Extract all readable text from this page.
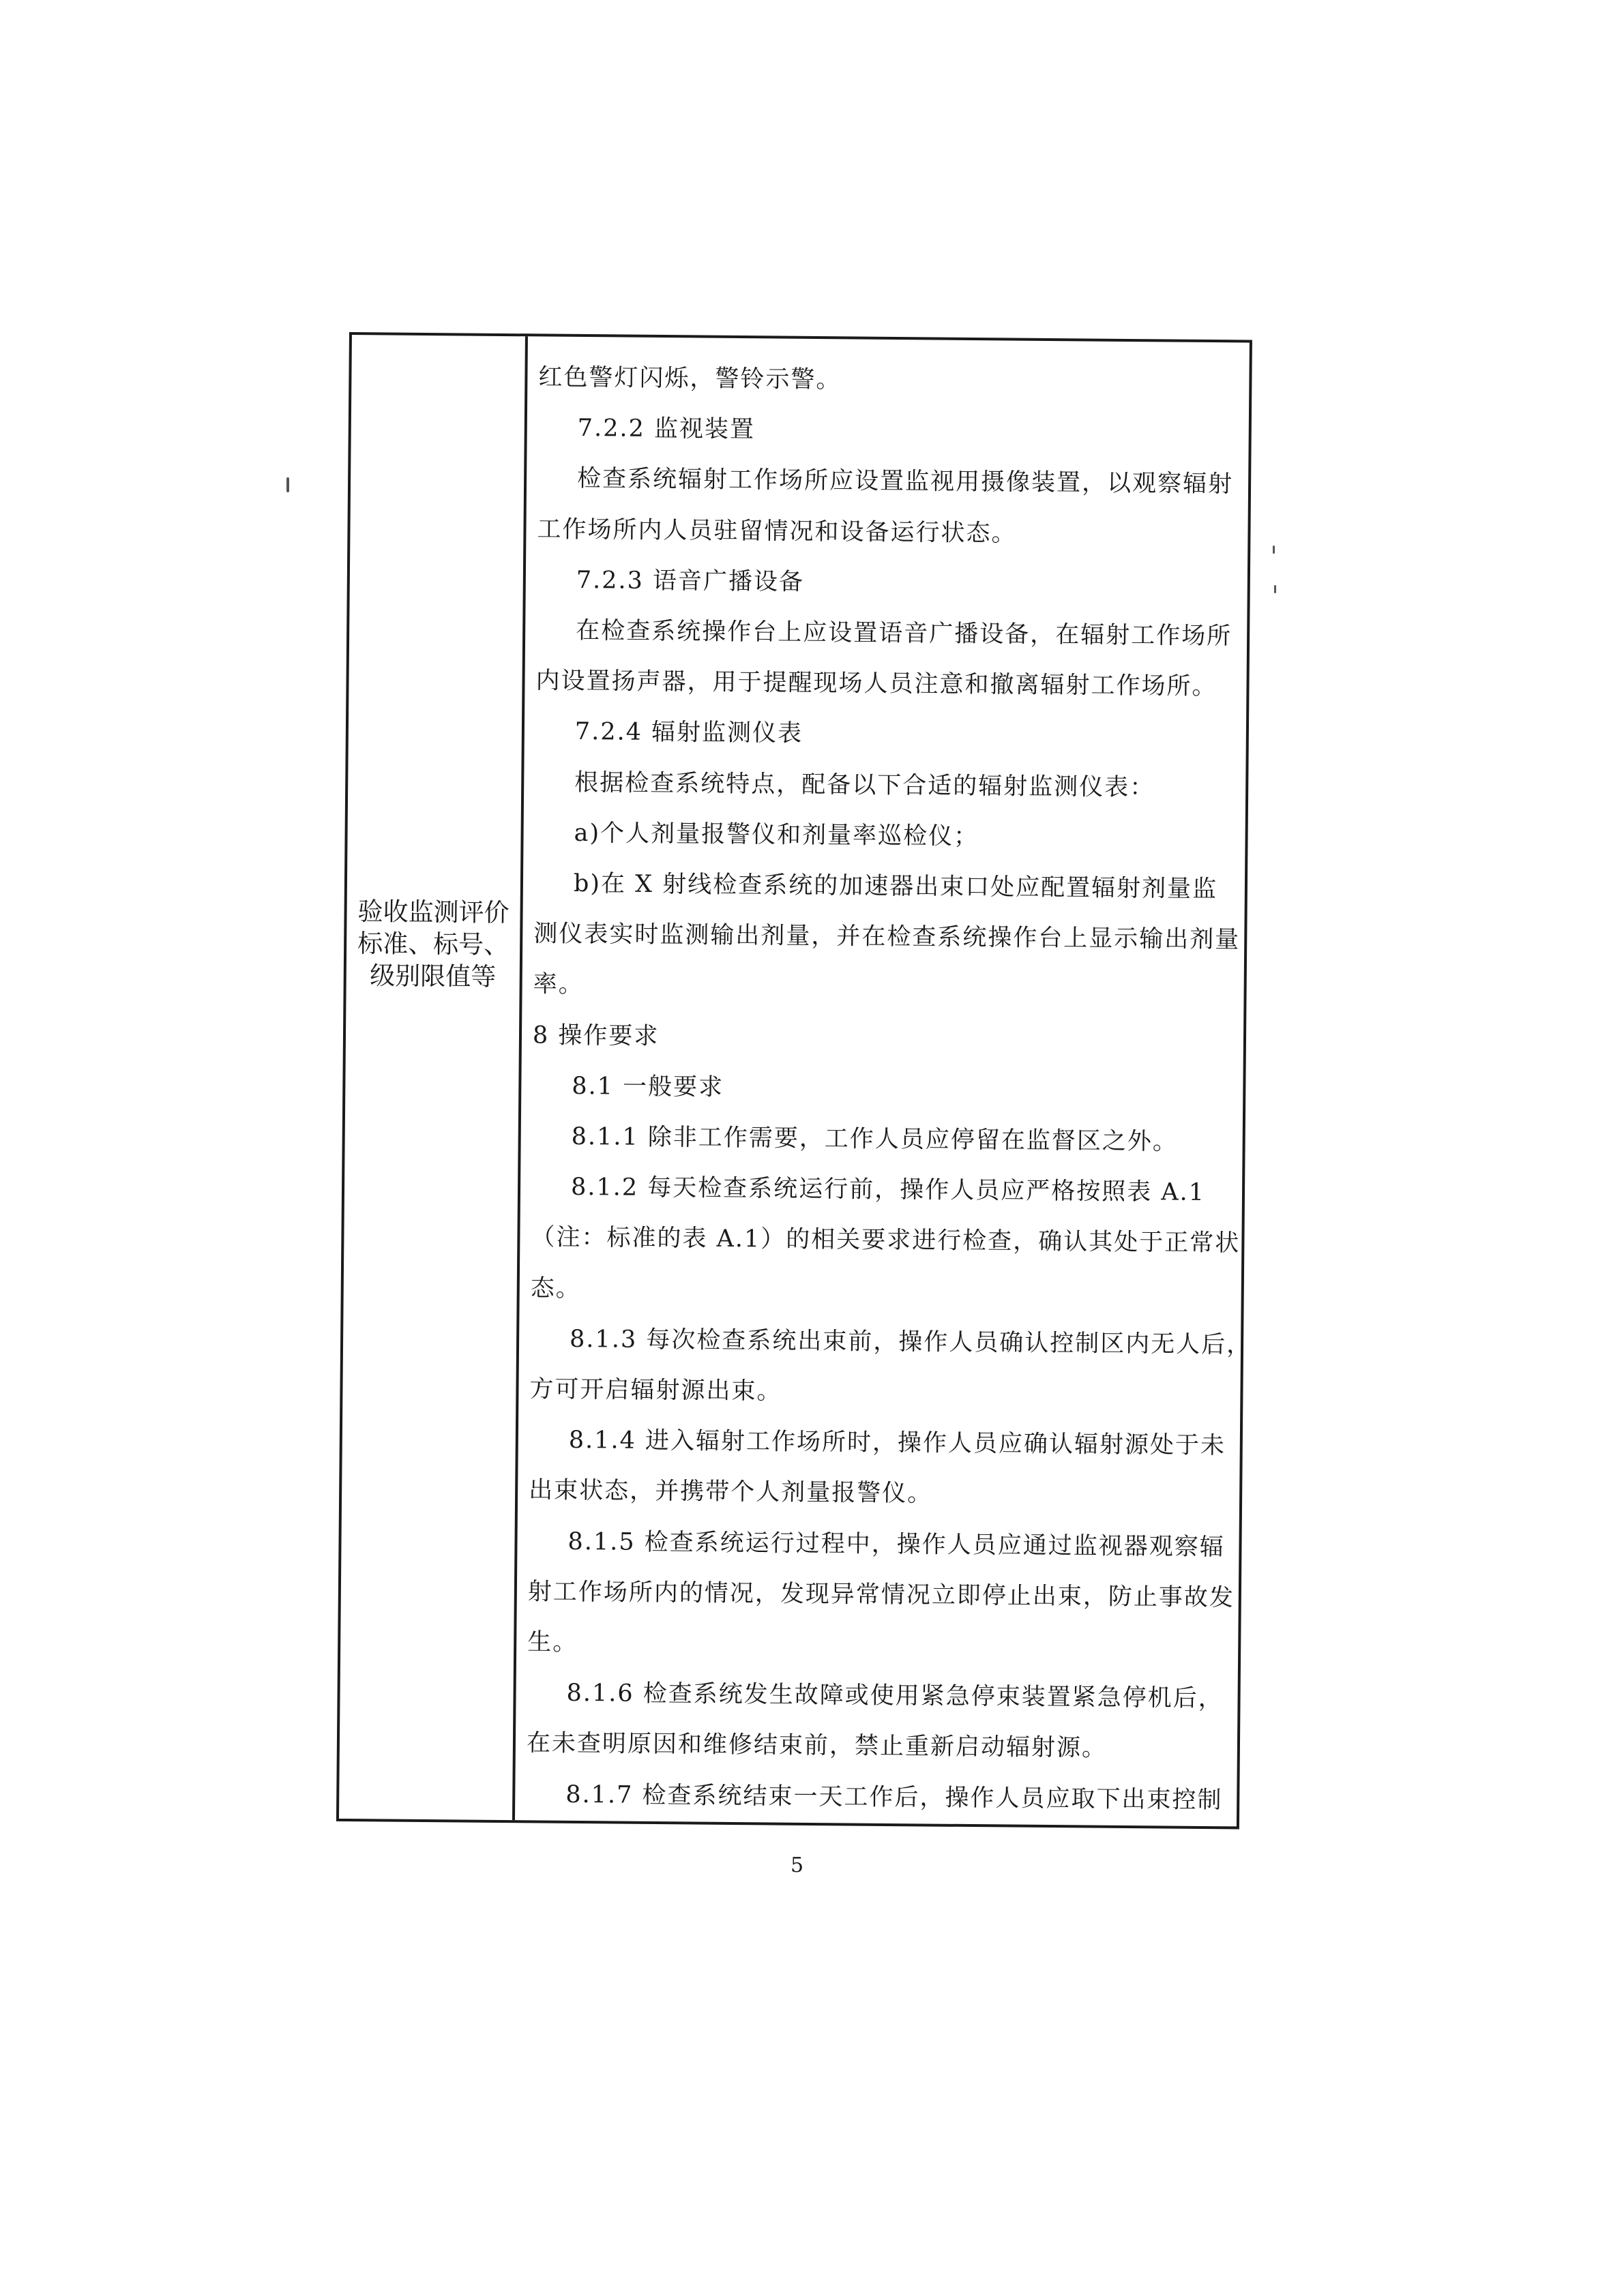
验收监测评价
标准、标号、
级别限值等
红色警灯闪烁，警铃示警。
7.2.2 监视装置
检查系统辐射工作场所应设置监视用摄像装置，以观察辐射
工作场所内人员驻留情况和设备运行状态。
7.2.3 语音广播设备
在检查系统操作台上应设置语音广播设备，在辐射工作场所
内设置扬声器，用于提醒现场人员注意和撤离辐射工作场所。
7.2.4 辐射监测仪表
根据检查系统特点，配备以下合适的辐射监测仪表：
a)个人剂量报警仪和剂量率巡检仪；
b)在 X 射线检查系统的加速器出束口处应配置辐射剂量监
测仪表实时监测输出剂量，并在检查系统操作台上显示输出剂量
率。
8 操作要求
8.1 一般要求
8.1.1 除非工作需要，工作人员应停留在监督区之外。
8.1.2 每天检查系统运行前，操作人员应严格按照表 A.1
（注：标准的表 A.1）的相关要求进行检查，确认其处于正常状
态。
8.1.3 每次检查系统出束前，操作人员确认控制区内无人后，
方可开启辐射源出束。
8.1.4 进入辐射工作场所时，操作人员应确认辐射源处于未
出束状态，并携带个人剂量报警仪。
8.1.5 检查系统运行过程中，操作人员应通过监视器观察辐
射工作场所内的情况，发现异常情况立即停止出束，防止事故发
生。
8.1.6 检查系统发生故障或使用紧急停束装置紧急停机后，
在未查明原因和维修结束前，禁止重新启动辐射源。
8.1.7 检查系统结束一天工作后，操作人员应取下出束控制
5
